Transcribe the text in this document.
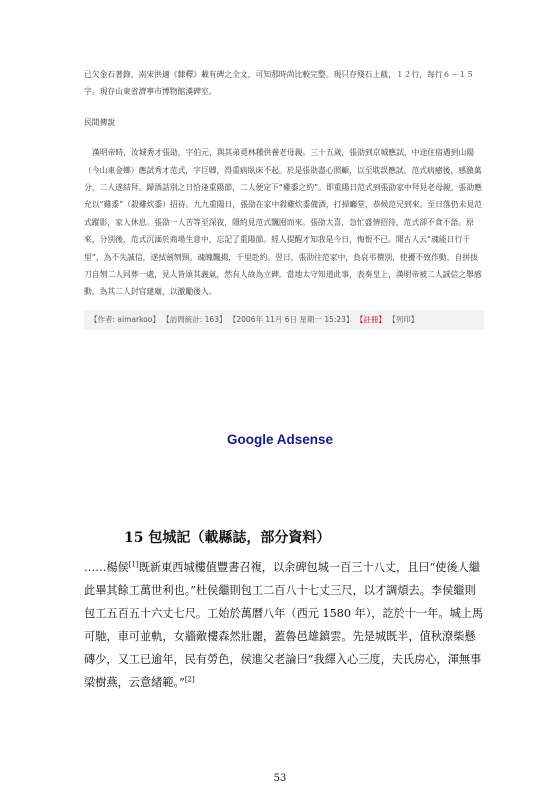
已欠金石著錄，南宋洪適《隸釋》載有碑之全文，可知那時尚比較完整。現只存殘石上截，１２行，每行６－１５字。現存山東省濟寧市博物館漢碑室。

民間傳說

漢明帝時，汝城秀才張劭，字伯元，與其弟覓林種供養老母親。三十五歲，張劭到京城應試，中途住宿遇到山陽（今山東金鄉）應試秀才范式，字巨卿，得重病臥床不起。於是張劭盡心照顧，以至耽誤應試。范式病癒後，感激萬分，二人遂結拜。歸酒話別之日恰逢重陽節，二人便定下“雞黍之約”。即重陽日范式到張劭家中拜見老母親，張劭應允以“雞黍”（殺雞炊黍）招待。九九重陽日，張劭在家中殺雞炊黍備酒，打掃廳堂，恭候范兄到來。至日落仍未見范式蹤影，家人休息。張劭一人苦等至深夜，隱約見范式飄囤而來。張劭大喜，急忙盛情招待，范式卻不食不語。原來，分別後，范式沉湎於商場生意中，忘記了重陽節。經人提醒才知我是今日，悔恨不已。聞古人云“魂能日行千里”，為不失誠信，遂拭劍刎頸。魂魄飄揚，千里赴約。翌日，張劭往范家中，負哀弔禮別，使擾不致作動，自拼拔刀自刎二人同葬一處，見人皆頌其義氣，然有人故為立碑。當地太守知道此事，表奏皇上，漢明帝被二人誠信之舉感動，為其二人封官建廟，以激勵後人。

【作者: aimarkoo】 【訪問統計: 163】 【2006年 11月 6日 星期一 15:23】 【註冊】 【列印】
Google Adsense
15 包城記（載縣誌，部分資料）

……楊侯[1]既新東西城樓值豐書召複，以余碑包城一百三十八丈，且曰“使後人繼此畢其餘工萬世利也。”杜侯繼則包工二百八十七丈三尺，以才調煩去。李侯繼則包工五百五十六丈七尺。工始於萬曆八年（西元 1580 年），訖於十一年。城上馬可馳，車可並軌，女牆敵樓森然壯麗，蓋魯邑雄鎮雲。先是城既半，值秋潦柴懸磚少，又工已逾年，民有勞色，侯進父老論曰“我繹入心三度，夫氏房心，渾無事梁樹燕，云意緒範。”[2]

53
